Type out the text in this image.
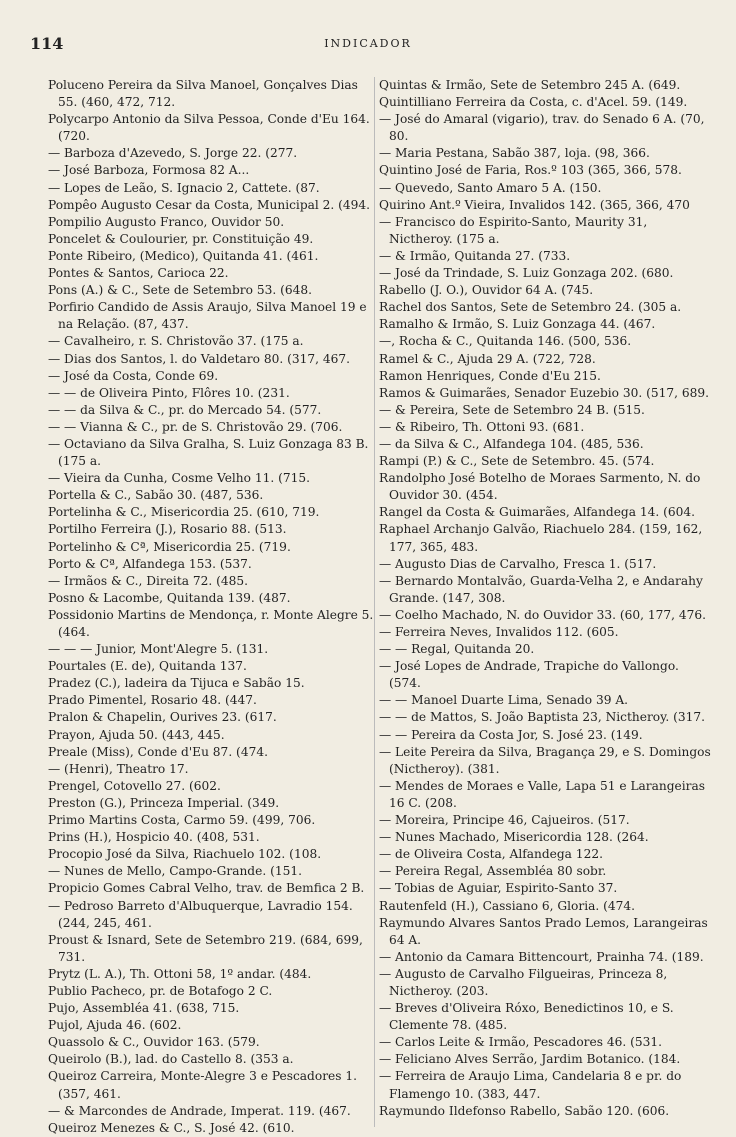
114	INDICADOR

Poluceno Pereira da Silva Manoel, Gonçalves Dias 55. (460, 472, 712.

Polycarpo Antonio da Silva Pessoa, Conde d'Eu 164. (720.

— Barboza d'Azevedo, S. Jorge 22. (277.

— José Barboza, Formosa 82 A...

— Lopes de Leão, S. Ignacio 2, Cattete. (87.

Pompêo Augusto Cesar da Costa, Municipal 2. (494.

Pompilio Augusto Franco, Ouvidor 50.

Poncelet & Coulourier, pr. Constituição 49.

Ponte Ribeiro, (Medico), Quitanda 41. (461.

Pontes & Santos, Carioca 22.

Pons (A.) & C., Sete de Setembro 53. (648.

Porfirio Candido de Assis Araujo, Silva Manoel 19 e na Relação. (87, 437.

— Cavalheiro, r. S. Christovão 37. (175 a.

— Dias dos Santos, l. do Valdetaro 80. (317, 467.

— José da Costa, Conde 69.

— — de Oliveira Pinto, Flôres 10. (231.

— — da Silva & C., pr. do Mercado 54. (577.

— — Vianna & C., pr. de S. Christovão 29. (706.

— Octaviano da Silva Gralha, S. Luiz Gonzaga 83 B. (175 a.

— Vieira da Cunha, Cosme Velho 11. (715.

Portella & C., Sabão 30. (487, 536.

Portelinha & C., Misericordia 25. (610, 719.

Portilho Ferreira (J.), Rosario 88. (513.

Portelinho & Cª, Misericordia 25. (719.

Porto & Cª, Alfandega 153. (537.

— Irmãos & C., Direita 72. (485.

Posno & Lacombe, Quitanda 139. (487.

Possidonio Martins de Mendonça, r. Monte Alegre 5. (464.

— — — Junior, Mont'Alegre 5. (131.

Pourtales (E. de), Quitanda 137.

Pradez (C.), ladeira da Tijuca e Sabão 15.

Prado Pimentel, Rosario 48. (447.

Pralon & Chapelin, Ourives 23. (617.

Prayon, Ajuda 50. (443, 445.

Preale (Miss), Conde d'Eu 87. (474.

— (Henri), Theatro 17.

Prengel, Cotovello 27. (602.

Preston (G.), Princeza Imperial. (349.

Primo Martins Costa, Carmo 59. (499, 706.

Prins (H.), Hospicio 40. (408, 531.

Procopio José da Silva, Riachuelo 102. (108.

— Nunes de Mello, Campo-Grande. (151.

Propicio Gomes Cabral Velho, trav. de Bemfica 2 B.

— Pedroso Barreto d'Albuquerque, Lavradio 154. (244, 245, 461.

Proust & Isnard, Sete de Setembro 219. (684, 699, 731.

Prytz (L. A.), Th. Ottoni 58, 1º andar. (484.

Publio Pacheco, pr. de Botafogo 2 C.

Pujo, Assembléa 41. (638, 715.

Pujol, Ajuda 46. (602.

Quassolo & C., Ouvidor 163. (579.

Queirolo (B.), lad. do Castello 8. (353 a.

Queiroz Carreira, Monte-Alegre 3 e Pescadores 1. (357, 461.

— & Marcondes de Andrade, Imperat. 119. (467.

Queiroz Menezes & C., S. José 42. (610.

Quintas & Irmão, Sete de Setembro 245 A. (649.

Quintilliano Ferreira da Costa, c. d'Acel. 59. (149.

— José do Amaral (vigario), trav. do Senado 6 A. (70, 80.

— Maria Pestana, Sabão 387, loja. (98, 366.

Quintino José de Faria, Ros.º 103 (365, 366, 578.

— Quevedo, Santo Amaro 5 A. (150.

Quirino Ant.º Vieira, Invalidos 142. (365, 366, 470

— Francisco do Espirito-Santo, Maurity 31, Nictheroy. (175 a.

— & Irmão, Quitanda 27. (733.

— José da Trindade, S. Luiz Gonzaga 202. (680.

Rabello (J. O.), Ouvidor 64 A. (745.

Rachel dos Santos, Sete de Setembro 24. (305 a.

Ramalho & Irmão, S. Luiz Gonzaga 44. (467.

—, Rocha & C., Quitanda 146. (500, 536.

Ramel & C., Ajuda 29 A. (722, 728.

Ramon Henriques, Conde d'Eu 215.

Ramos & Guimarães, Senador Euzebio 30. (517, 689.

— & Pereira, Sete de Setembro 24 B. (515.

— & Ribeiro, Th. Ottoni 93. (681.

— da Silva & C., Alfandega 104. (485, 536.

Rampi (P.) & C., Sete de Setembro. 45. (574.

Randolpho José Botelho de Moraes Sarmento, N. do Ouvidor 30. (454.

Rangel da Costa & Guimarães, Alfandega 14. (604.

Raphael Archanjo Galvão, Riachuelo 284. (159, 162, 177, 365, 483.

— Augusto Dias de Carvalho, Fresca 1. (517.

— Bernardo Montalvão, Guarda-Velha 2, e Andarahy Grande. (147, 308.

— Coelho Machado, N. do Ouvidor 33. (60, 177, 476.

— Ferreira Neves, Invalidos 112. (605.

— — Regal, Quitanda 20.

— José Lopes de Andrade, Trapiche do Vallongo. (574.

— — Manoel Duarte Lima, Senado 39 A.

— — de Mattos, S. João Baptista 23, Nictheroy. (317.

— — Pereira da Costa Jor, S. José 23. (149.

— Leite Pereira da Silva, Bragança 29, e S. Domingos (Nictheroy). (381.

— Mendes de Moraes e Valle, Lapa 51 e Larangeiras 16 C. (208.

— Moreira, Principe 46, Cajueiros. (517.

— Nunes Machado, Misericordia 128. (264.

— de Oliveira Costa, Alfandega 122.

— Pereira Regal, Assembléa 80 sobr.

— Tobias de Aguiar, Espirito-Santo 37.

Rautenfeld (H.), Cassiano 6, Gloria. (474.

Raymundo Alvares Santos Prado Lemos, Larangeiras 64 A.

— Antonio da Camara Bittencourt, Prainha 74. (189.

— Augusto de Carvalho Filgueiras, Princeza 8, Nictheroy. (203.

— Breves d'Oliveira Róxo, Benedictinos 10, e S. Clemente 78. (485.

— Carlos Leite & Irmão, Pescadores 46. (531.

— Feliciano Alves Serrão, Jardim Botanico. (184.

— Ferreira de Araujo Lima, Candelaria 8 e pr. do Flamengo 10. (383, 447.

Raymundo Ildefonso Rabello, Sabão 120. (606.
